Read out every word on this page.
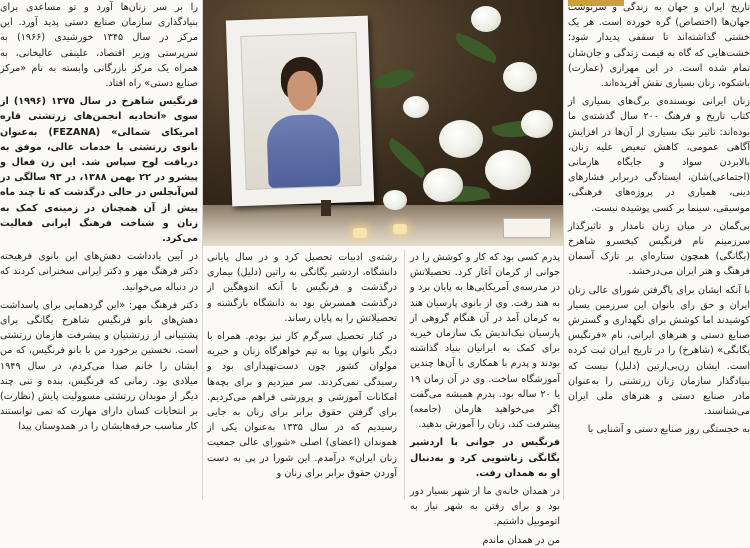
تاریخ ایران و جهان به زندگی و سرنوشت جهان‌ها (اختصاص) گره خورده است. هر یک خشتی گذاشته‌اند تا سقفی پدیدار شود؛ خشت‌هایی که گاه به قیمت زندگی و جان‌شان تمام شده است. در این مهرازی (عمارت) باشکوه، زنان بسیاری نقش آفریده‌اند.

زنان ایرانی نویسنده‌ی برگ‌های بسیاری از کتاب تاریخ و فرهنگ ۲۰۰ سال گذشته‌ی ما بوده‌اند: تاثیر نیک بسیاری از آن‌ها در افزایش آگاهی عمومی، کاهش تبعیض علیه زنان، بالابردن سواد و جایگاه هازمانی (اجتماعی)شان، ایستادگی دربرابر فشارهای دینی، همیاری در پروژه‌های فرهنگی، موسیقی، سینما بر کسی پوشیده نیست.

بی‌گمان در میان زنان نامدار و تاثیرگذار سرزمینم نام فرنگیس کیخسرو شاهرخ (یگانگی) همچون ستاره‌ای بر تارک آسمان فرهنگ و هنر ایران می‌درخشد.

با آنکه ایشان برای یاگرفتن شورای عالی زنان ایران و حق رای بانوان این سرزمین بسیار کوشیدند اما کوشش برای نگهداری و گسترش صنایع دستی و هنرهای ایرانی، نام «فرنگیس یگانگی» (شاهرخ) را در تاریخ ایران ثبت کرده است. ایشان زن‌بی‌ارتین (دلیل) نیست که بنیادگذار سازمان زنان زرتشتی را به‌عنوان مادر صنایع دستی و هنرهای ملی ایران می‌شناسند.

به خجستگی روز صنایع دستی و آشنایی با

پدرم کسی بود که کار و کوشش را در جوانی از کرمان آغاز کرد. تحصیلاتش در مدرسه‌ی آمریکایی‌ها به پایان برد و به هند رفت. وی از بانوی پارسیان هند به کرمان آمد در آن هنگام گروهی از پارسیان نیک‌اندیش یک سازمان خیریه برای کمک به ایرانیان بنیاد گذاشته بودند و پدرم با همکاری با آن‌ها چندین آموزشگاه ساخت. وی در آن زمان ۱۹ یا ۲۰ ساله بود. پدرم همیشه می‌گفت اگر می‌خواهید هازمان (جامعه) پیشرفت کند، زنان را آموزش بدهید.

فرنگیس در جوانی با اردشیر یگانگی زناشویی کرد و به‌دنبال او به همدان رفت.

در همدان خانه‌ی ما از شهر بسیار دور بود و برای رفتن به شهر نیاز به اتوموبیل داشتیم.

من در همدان ماندم

رشته‌ی ادبیات تحصیل کرد و در سال پایانی دانشگاه، اردشیر یگانگی به راتین (دلیل) بیماری درگذشت و فرنگیس با آنکه اندوهگین از درگذشت همسرش بود به دانشگاه بازگشته و تحصیلاتش را به پایان رساند.

در کنار تحصیل سرگرم کار نیز بودم. همراه با دیگر بانوان پویا به تیم خواهرگاه زنان و خیریه مولوان کشور چون دست‌تهیدارای بود و رسیدگی نمی‌کردند. سر میزدیم و برای بچه‌ها امکانات آموزشی و پرورشی فراهم می‌کردیم. برای گرفتن حقوق برابر برای زنان به جایی رسیدیم که در سال ۱۳۳۵ به‌عنوان یکی از هموندان (اعضای) اصلی «شورای عالی جمعیت زنان ایران» درآمدم. این شورا در پی به دست آوردن حقوق برابر برای زنان و

را بر سر زنان‌ها آورد و تو مساعدی برای بنیادگذاری سازمان صنایع دستی پدید آورد. این مرکز در سال ۱۳۴۵ خورشیدی (۱۹۶۶) به سرپرستی وزیر اقتصاد، علینقی عالیخانی، به همراه یک مرکز بازرگانی وابسته به نام «مرکز صنایع دستی» راه افتاد.

فرنگیس شاهرخ در سال ۱۳۷۵ (۱۹۹۶) از سوی «اتحادیه انجمن‌های زرتشتی قاره امریکای شمالی» (FEZANA) به‌عنوان بانوی زرتشتی با خدمات عالی، موفق به دریافت لوح سپاس شد. این زن فعال و پیشرو در ۲۲ بهمن ۱۳۸۸، در ۹۳ سالگی در لس‌آنجلس در حالی درگذشت که تا چند ماه پیش از آن همچنان در زمینه‌ی کمک به زنان و شناخت فرهنگ ایرانی فعالیت می‌کرد.

در آیین یادداشت دهش‌های این بانوی فرهیخته دکتر فرهنگ مهر و دکتر ایرانی سخنرانی کردند که در دنباله می‌خوانید.

دکتر فرهنگ مهر: «این گردهمایی برای پاسداشت دهش‌های بانو فرنگیس شاهرخ یگانگی برای پشتیبانی از زرتشتیان و پیشرفت هازمان زرتشتی است. نخستین برخورد من با بانو فرنگیس، که من ایشان را خانم صدا می‌کردم، در سال ۱۹۴۹ میلادی بود. زمانی که فرنگیس، بنده و تنی چند دیگر از موبدان زرتشتی مسوولیت پایش (نظارت) بر انتخابات کسان دارای مهارت که تمی توانستند کار مناسب حرفه‌هایشان را در همدوستان پیدا
